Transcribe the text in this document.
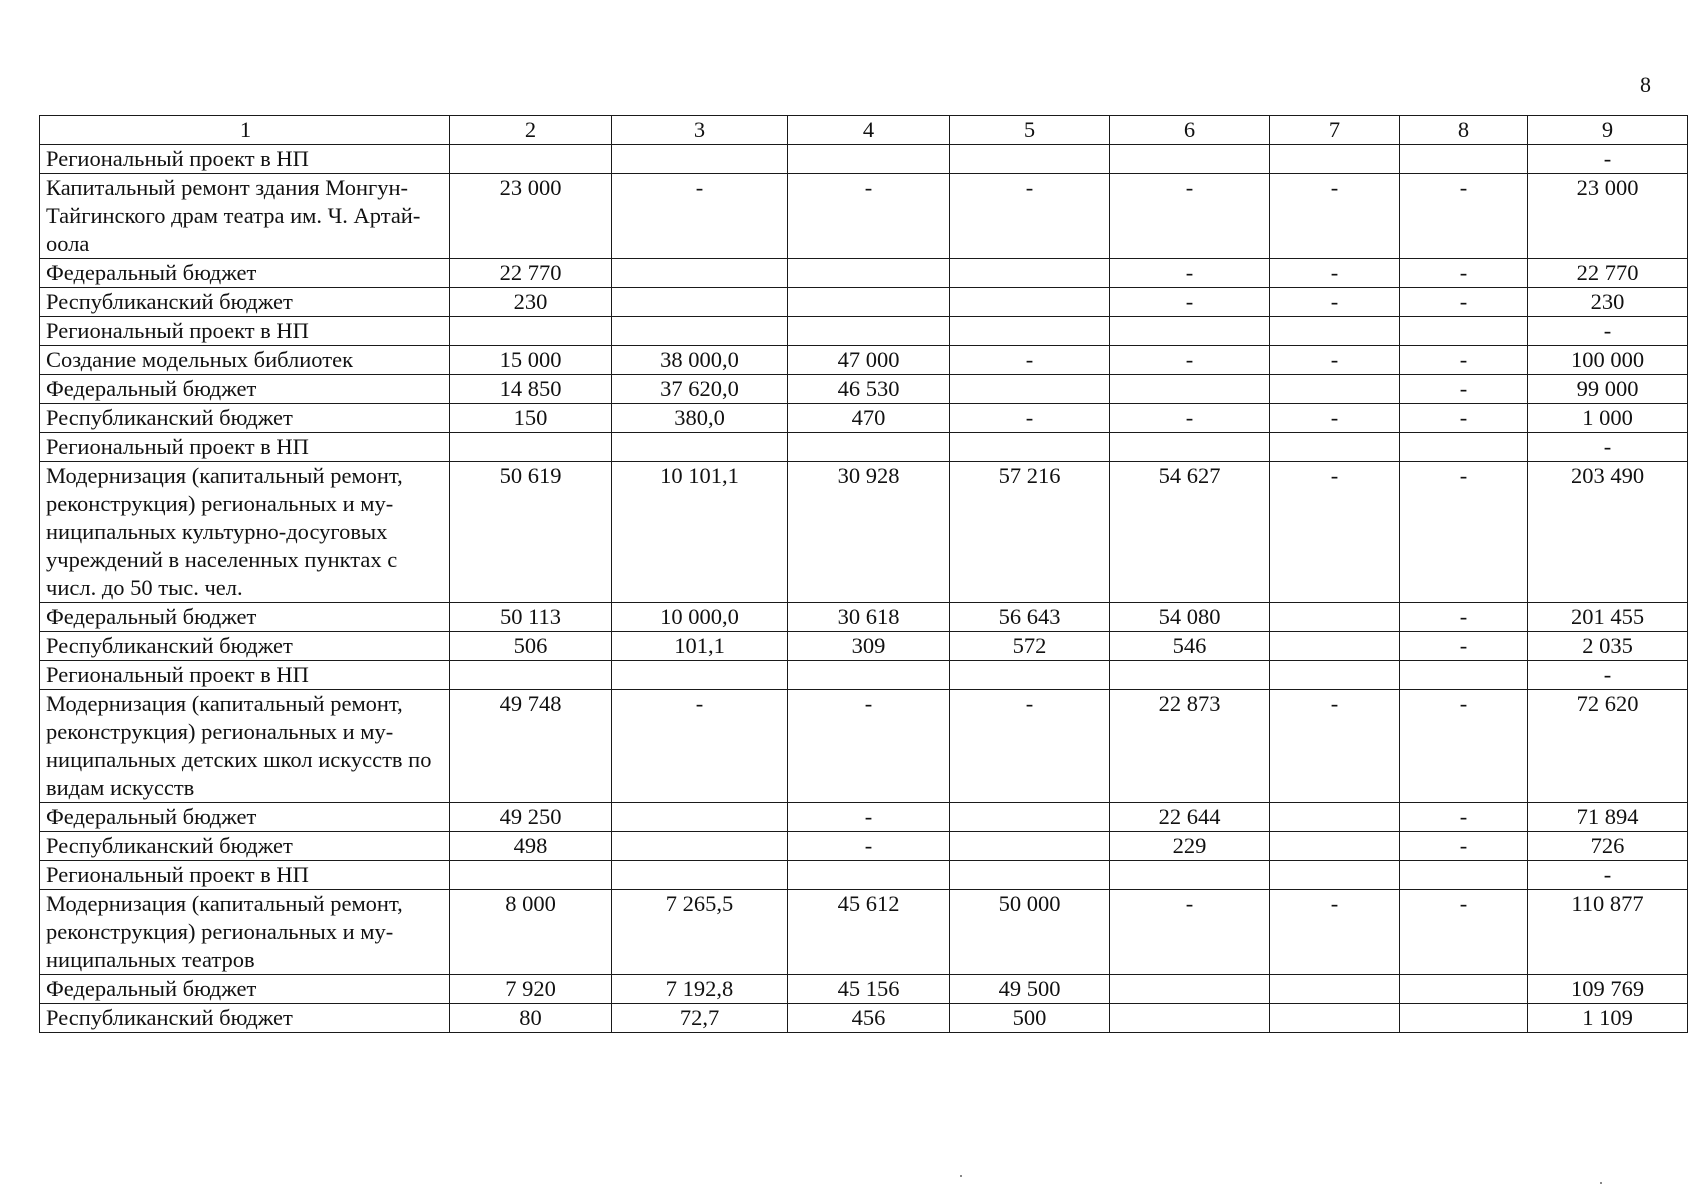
8
1	2	3	4	5	6	7	8	9
Региональный проект в НП								-
Капитальный ремонт здания Монгун-Тайгинского драм театра им. Ч. Артай-оола	23 000	-	-	-	-	-	-	23 000
Федеральный бюджет	22 770				-	-	-	22 770
Республиканский бюджет	230				-	-	-	230
Региональный проект в НП								-
Создание модельных библиотек	15 000	38 000,0	47 000	-	-	-	-	100 000
Федеральный бюджет	14 850	37 620,0	46 530				-	99 000
Республиканский бюджет	150	380,0	470	-	-	-	-	1 000
Региональный проект в НП								-
Модернизация (капитальный ремонт, реконструкция) региональных и му-ниципальных культурно-досуговых учреждений в населенных пунктах с числ. до 50 тыс. чел.	50 619	10 101,1	30 928	57 216	54 627	-	-	203 490
Федеральный бюджет	50 113	10 000,0	30 618	56 643	54 080		-	201 455
Республиканский бюджет	506	101,1	309	572	546		-	2 035
Региональный проект в НП								-
Модернизация (капитальный ремонт, реконструкция) региональных и му-ниципальных детских школ искусств по видам искусств	49 748	-	-	-	22 873	-	-	72 620
Федеральный бюджет	49 250		-		22 644		-	71 894
Республиканский бюджет	498		-		229		-	726
Региональный проект в НП								-
Модернизация (капитальный ремонт, реконструкция) региональных и му-ниципальных театров	8 000	7 265,5	45 612	50 000	-	-	-	110 877
Федеральный бюджет	7 920	7 192,8	45 156	49 500				109 769
Республиканский бюджет	80	72,7	456	500				1 109
